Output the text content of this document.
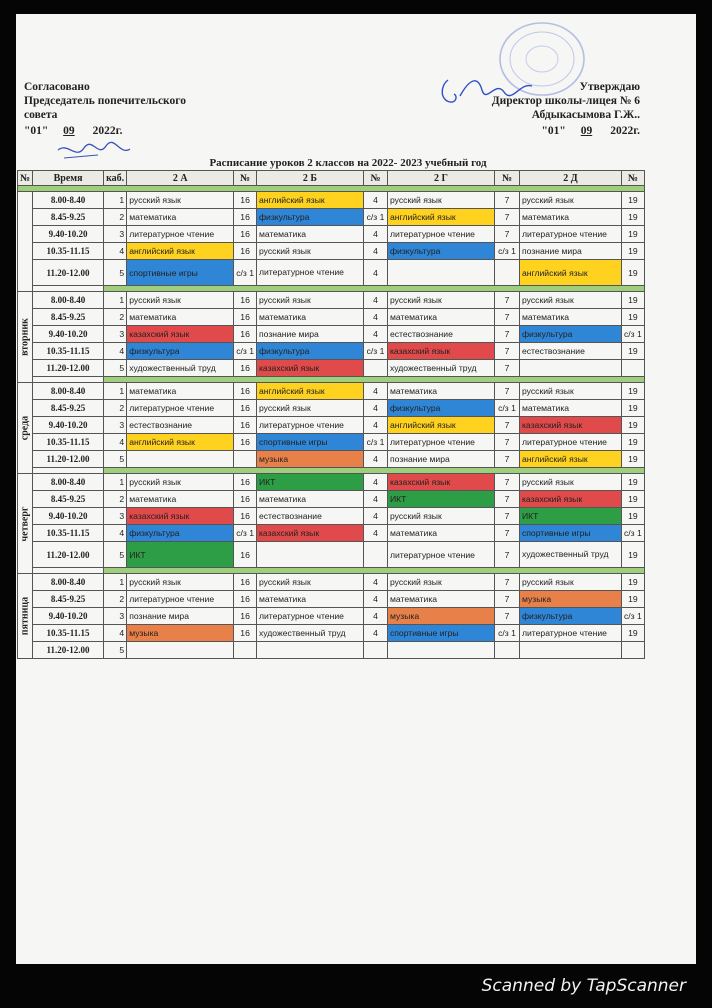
Согласовано
Председатель попечительского
совета
"01" 09 2022г.
Утверждаю
Директор школы-лицея № 6
Абдыкасымова Г.Ж..
"01" 09 2022г.
Расписание уроков 2 классов на 2022- 2023 учебный год
№	Время	каб.	2 А	№	2 Б	№	2 Г	№	2 Д	№

	8.00-8.40	1	русский язык	16	английский язык	4	русский язык	7	русский язык	19
	8.45-9.25	2	математика	16	физкультура	с/з 1	английский язык	7	математика	19
	9.40-10.20	3	литературное чтение	16	математика	4	литературное чтение	7	литературное чтение	19
	10.35-11.15	4	английский язык	16	русский язык	4	физкультура	с/з 1	познание мира	19
	11.20-12.00	5	спортивные игры	с/з 1	литературное чтение	4			английский язык	19

вторник	8.00-8.40	1	русский язык	16	русский язык	4	русский язык	7	русский язык	19
	8.45-9.25	2	математика	16	математика	4	математика	7	математика	19
	9.40-10.20	3	казахский язык	16	познание мира	4	естествознание	7	физкультура	с/з 1
	10.35-11.15	4	физкультура	с/з 1	физкультура	с/з 1	казахский язык	7	естествознание	19
	11.20-12.00	5	художественный труд	16	казахский язык		художественный труд	7		

среда	8.00-8.40	1	математика	16	английский язык	4	математика	7	русский язык	19
	8.45-9.25	2	литературное чтение	16	русский язык	4	физкультура	с/з 1	математика	19
	9.40-10.20	3	естествознание	16	литературное чтение	4	английский язык	7	казахский язык	19
	10.35-11.15	4	английский язык	16	спортивные игры	с/з 1	литературное чтение	7	литературное чтение	19
	11.20-12.00	5			музыка	4	познание мира	7	английский язык	19

четверг	8.00-8.40	1	русский язык	16	ИКТ	4	казахский язык	7	русский язык	19
	8.45-9.25	2	математика	16	математика	4	ИКТ	7	казахский язык	19
	9.40-10.20	3	казахский язык	16	естествознание	4	русский язык	7	ИКТ	19
	10.35-11.15	4	физкультура	с/з 1	казахский язык	4	математика	7	спортивные игры	с/з 1
	11.20-12.00	5	ИКТ	16			литературное чтение	7	художественный труд	19

пятница	8.00-8.40	1	русский язык	16	русский язык	4	русский язык	7	русский язык	19
	8.45-9.25	2	литературное чтение	16	математика	4	математика	7	музыка	19
	9.40-10.20	3	познание мира	16	литературное чтение	4	музыка	7	физкультура	с/з 1
	10.35-11.15	4	музыка	16	художественный труд	4	спортивные игры	с/з 1	литературное чтение	19
	11.20-12.00	5								
Scanned by TapScanner
